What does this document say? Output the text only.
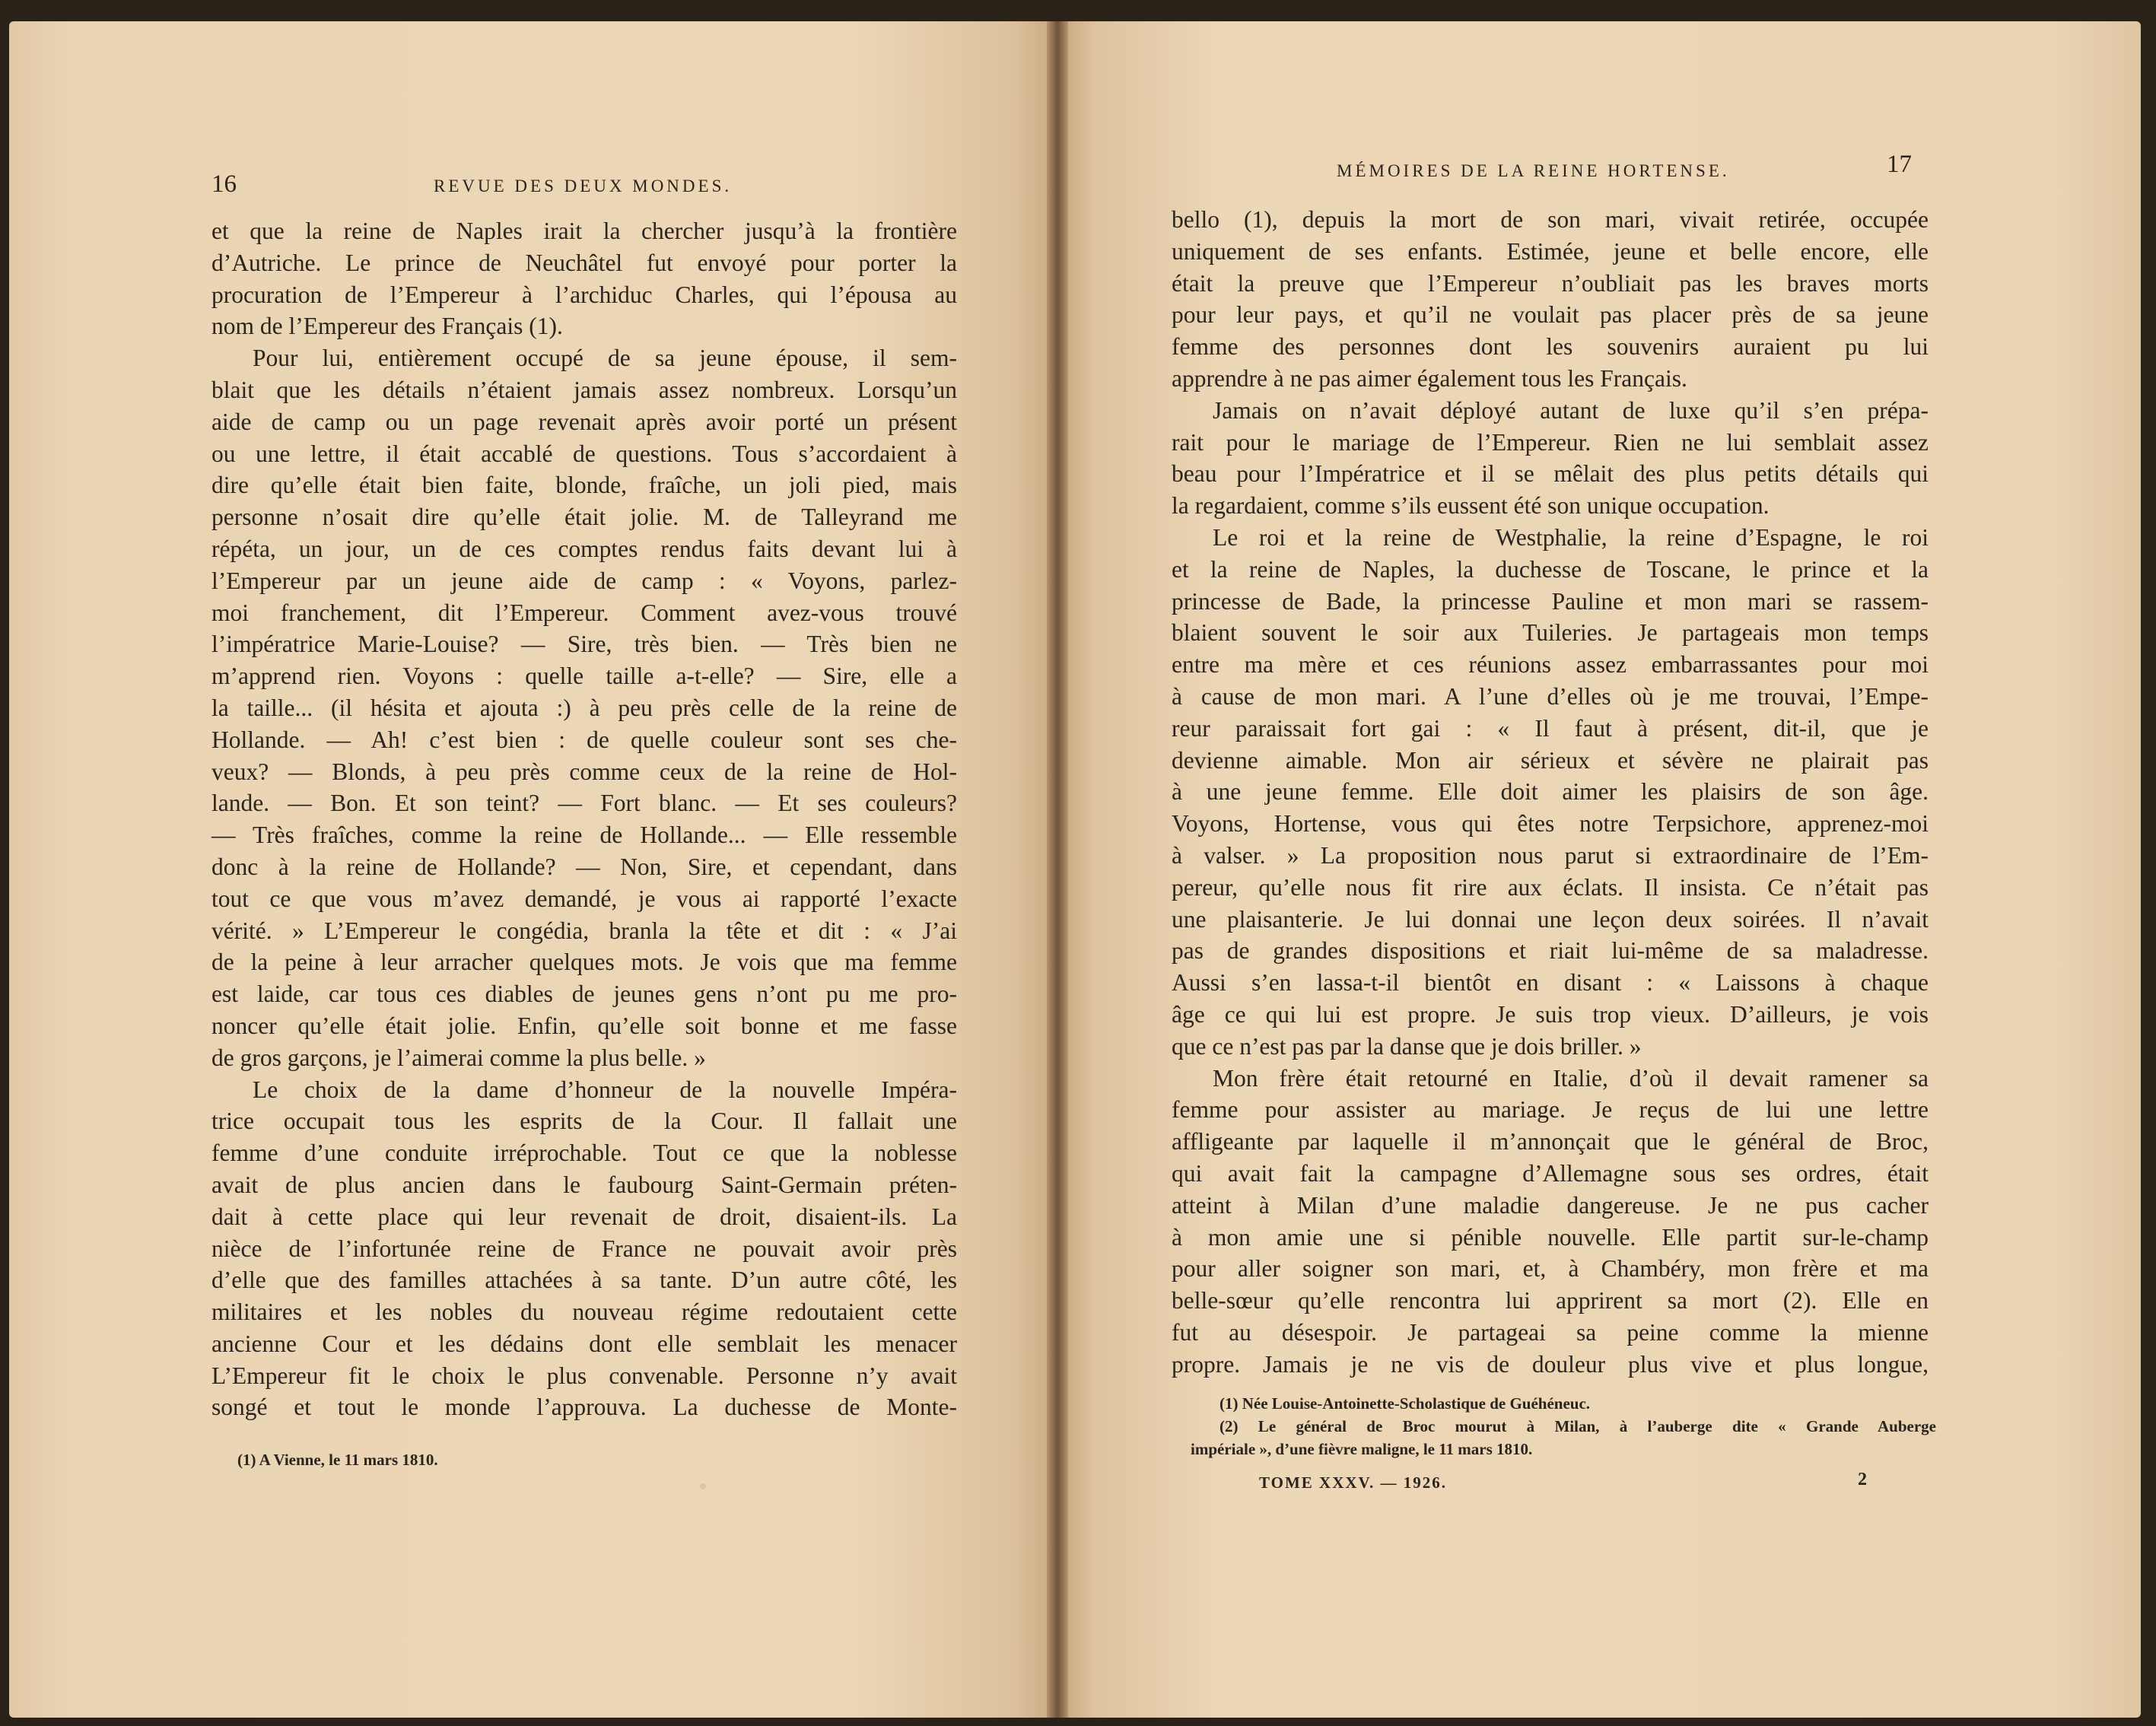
16	REVUE DES DEUX MONDES.
et que la reine de Naples irait la chercher jusqu’à la frontière
d’Autriche. Le prince de Neuchâtel fut envoyé pour porter la
procuration de l’Empereur à l’archiduc Charles, qui l’épousa au
nom de l’Empereur des Français (1).
Pour lui, entièrement occupé de sa jeune épouse, il sem-
blait que les détails n’étaient jamais assez nombreux. Lorsqu’un
aide de camp ou un page revenait après avoir porté un présent
ou une lettre, il était accablé de questions. Tous s’accordaient à
dire qu’elle était bien faite, blonde, fraîche, un joli pied, mais
personne n’osait dire qu’elle était jolie. M. de Talleyrand me
répéta, un jour, un de ces comptes rendus faits devant lui à
l’Empereur par un jeune aide de camp : « Voyons, parlez-
moi franchement, dit l’Empereur. Comment avez-vous trouvé
l’impératrice Marie-Louise? — Sire, très bien. — Très bien ne
m’apprend rien. Voyons : quelle taille a-t-elle? — Sire, elle a
la taille... (il hésita et ajouta :) à peu près celle de la reine de
Hollande. — Ah! c’est bien : de quelle couleur sont ses che-
veux? — Blonds, à peu près comme ceux de la reine de Hol-
lande. — Bon. Et son teint? — Fort blanc. — Et ses couleurs?
— Très fraîches, comme la reine de Hollande... — Elle ressemble
donc à la reine de Hollande? — Non, Sire, et cependant, dans
tout ce que vous m’avez demandé, je vous ai rapporté l’exacte
vérité. » L’Empereur le congédia, branla la tête et dit : « J’ai
de la peine à leur arracher quelques mots. Je vois que ma femme
est laide, car tous ces diables de jeunes gens n’ont pu me pro-
noncer qu’elle était jolie. Enfin, qu’elle soit bonne et me fasse
de gros garçons, je l’aimerai comme la plus belle. »
Le choix de la dame d’honneur de la nouvelle Impéra-
trice occupait tous les esprits de la Cour. Il fallait une
femme d’une conduite irréprochable. Tout ce que la noblesse
avait de plus ancien dans le faubourg Saint-Germain préten-
dait à cette place qui leur revenait de droit, disaient-ils. La
nièce de l’infortunée reine de France ne pouvait avoir près
d’elle que des familles attachées à sa tante. D’un autre côté, les
militaires et les nobles du nouveau régime redoutaient cette
ancienne Cour et les dédains dont elle semblait les menacer
L’Empereur fit le choix le plus convenable. Personne n’y avait
songé et tout le monde l’approuva. La duchesse de Monte-
(1) A Vienne, le 11 mars 1810.
MÉMOIRES DE LA REINE HORTENSE.	17
bello (1), depuis la mort de son mari, vivait retirée, occupée
uniquement de ses enfants. Estimée, jeune et belle encore, elle
était la preuve que l’Empereur n’oubliait pas les braves morts
pour leur pays, et qu’il ne voulait pas placer près de sa jeune
femme des personnes dont les souvenirs auraient pu lui
apprendre à ne pas aimer également tous les Français.
Jamais on n’avait déployé autant de luxe qu’il s’en prépa-
rait pour le mariage de l’Empereur. Rien ne lui semblait assez
beau pour l’Impératrice et il se mêlait des plus petits détails qui
la regardaient, comme s’ils eussent été son unique occupation.
Le roi et la reine de Westphalie, la reine d’Espagne, le roi
et la reine de Naples, la duchesse de Toscane, le prince et la
princesse de Bade, la princesse Pauline et mon mari se rassem-
blaient souvent le soir aux Tuileries. Je partageais mon temps
entre ma mère et ces réunions assez embarrassantes pour moi
à cause de mon mari. A l’une d’elles où je me trouvai, l’Empe-
reur paraissait fort gai : « Il faut à présent, dit-il, que je
devienne aimable. Mon air sérieux et sévère ne plairait pas
à une jeune femme. Elle doit aimer les plaisirs de son âge.
Voyons, Hortense, vous qui êtes notre Terpsichore, apprenez-moi
à valser. » La proposition nous parut si extraordinaire de l’Em-
pereur, qu’elle nous fit rire aux éclats. Il insista. Ce n’était pas
une plaisanterie. Je lui donnai une leçon deux soirées. Il n’avait
pas de grandes dispositions et riait lui-même de sa maladresse.
Aussi s’en lassa-t-il bientôt en disant : « Laissons à chaque
âge ce qui lui est propre. Je suis trop vieux. D’ailleurs, je vois
que ce n’est pas par la danse que je dois briller. »
Mon frère était retourné en Italie, d’où il devait ramener sa
femme pour assister au mariage. Je reçus de lui une lettre
affligeante par laquelle il m’annonçait que le général de Broc,
qui avait fait la campagne d’Allemagne sous ses ordres, était
atteint à Milan d’une maladie dangereuse. Je ne pus cacher
à mon amie une si pénible nouvelle. Elle partit sur-le-champ
pour aller soigner son mari, et, à Chambéry, mon frère et ma
belle-sœur qu’elle rencontra lui apprirent sa mort (2). Elle en
fut au désespoir. Je partageai sa peine comme la mienne
propre. Jamais je ne vis de douleur plus vive et plus longue,
(1) Née Louise-Antoinette-Scholastique de Guéhéneuc.
(2) Le général de Broc mourut à Milan, à l’auberge dite « Grande Auberge
impériale », d’une fièvre maligne, le 11 mars 1810.
TOME XXXV. — 1926.	2
